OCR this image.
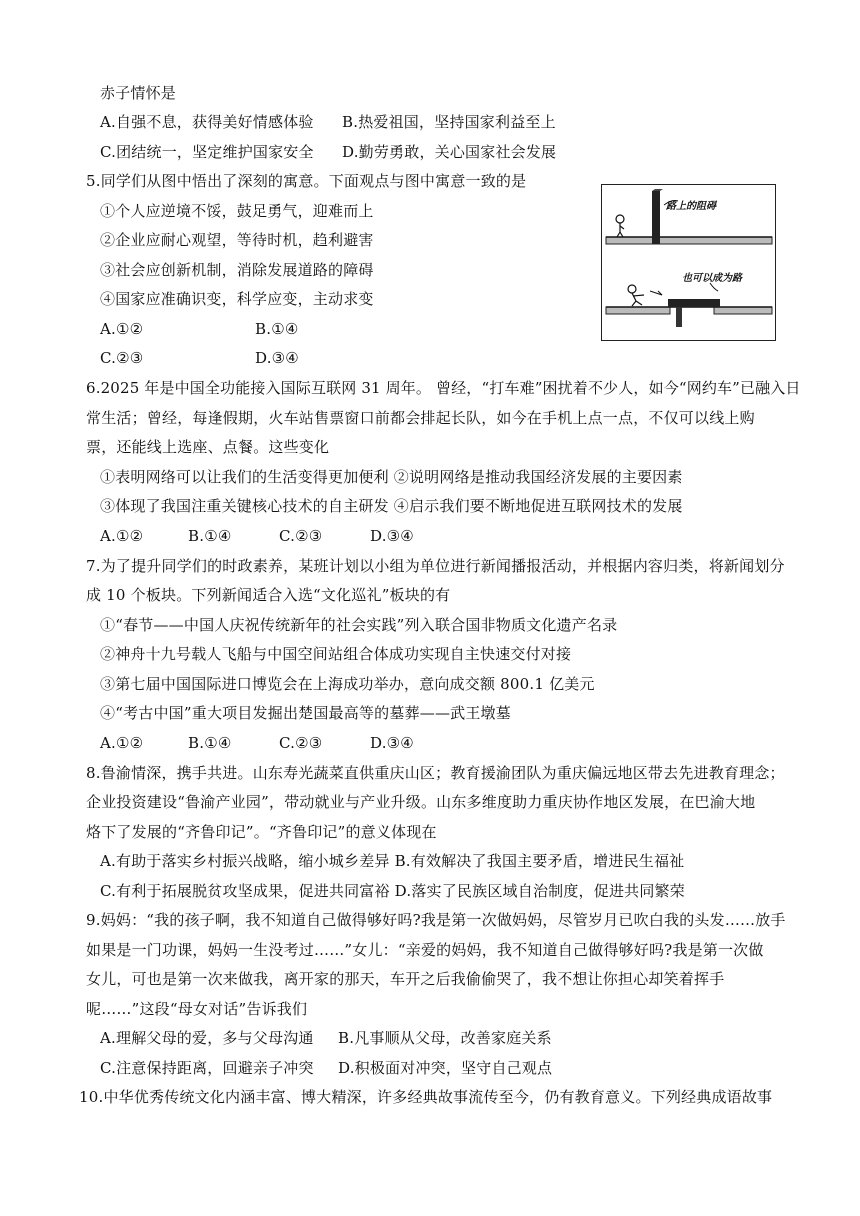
赤子情怀是
A.自强不息，获得美好情感体验 B.热爱祖国，坚持国家利益至上
C.团结统一，坚定维护国家安全 D.勤劳勇敢，关心国家社会发展
5.同学们从图中悟出了深刻的寓意。下面观点与图中寓意一致的是
①个人应逆境不馁，鼓足勇气，迎难而上
②企业应耐心观望，等待时机，趋利避害
③社会应创新机制，消除发展道路的障碍
④国家应准确识变，科学应变，主动求变
A.①②	B.①④
C.②③	D.③④
路上的阻碍
也可以成为路
6.2025 年是中国全功能接入国际互联网 31 周年。 曾经，“打车难”困扰着不少人，如今“网约车”已融入日
常生活；曾经，每逢假期，火车站售票窗口前都会排起长队，如今在手机上点一点，不仅可以线上购
票，还能线上选座、点餐。这些变化
①表明网络可以让我们的生活变得更加便利 ②说明网络是推动我国经济发展的主要因素
③体现了我国注重关键核心技术的自主研发 ④启示我们要不断地促进互联网技术的发展
A.①②	B.①④	C.②③	D.③④
7.为了提升同学们的时政素养，某班计划以小组为单位进行新闻播报活动，并根据内容归类，将新闻划分
成 10 个板块。下列新闻适合入选“文化巡礼”板块的有
①“春节——中国人庆祝传统新年的社会实践”列入联合国非物质文化遗产名录
②神舟十九号载人飞船与中国空间站组合体成功实现自主快速交付对接
③第七届中国国际进口博览会在上海成功举办，意向成交额 800.1 亿美元
④“考古中国”重大项目发掘出楚国最高等的墓葬——武王墩墓
A.①②	B.①④	C.②③	D.③④
8.鲁渝情深，携手共进。山东寿光蔬菜直供重庆山区；教育援渝团队为重庆偏远地区带去先进教育理念；
企业投资建设“鲁渝产业园”，带动就业与产业升级。山东多维度助力重庆协作地区发展，在巴渝大地
烙下了发展的“齐鲁印记”。“齐鲁印记”的意义体现在
A.有助于落实乡村振兴战略，缩小城乡差异 B.有效解决了我国主要矛盾，增进民生福祉
C.有利于拓展脱贫攻坚成果，促进共同富裕 D.落实了民族区域自治制度，促进共同繁荣
9.妈妈：“我的孩子啊，我不知道自己做得够好吗?我是第一次做妈妈，尽管岁月已吹白我的头发……放手
如果是一门功课，妈妈一生没考过……”女儿：“亲爱的妈妈，我不知道自己做得够好吗?我是第一次做
女儿，可也是第一次来做我，离开家的那天，车开之后我偷偷哭了，我不想让你担心却笑着挥手
呢……”这段“母女对话”告诉我们
A.理解父母的爱，多与父母沟通 B.凡事顺从父母，改善家庭关系
C.注意保持距离，回避亲子冲突 D.积极面对冲突，坚守自己观点
10.中华优秀传统文化内涵丰富、博大精深，许多经典故事流传至今，仍有教育意义。下列经典成语故事
